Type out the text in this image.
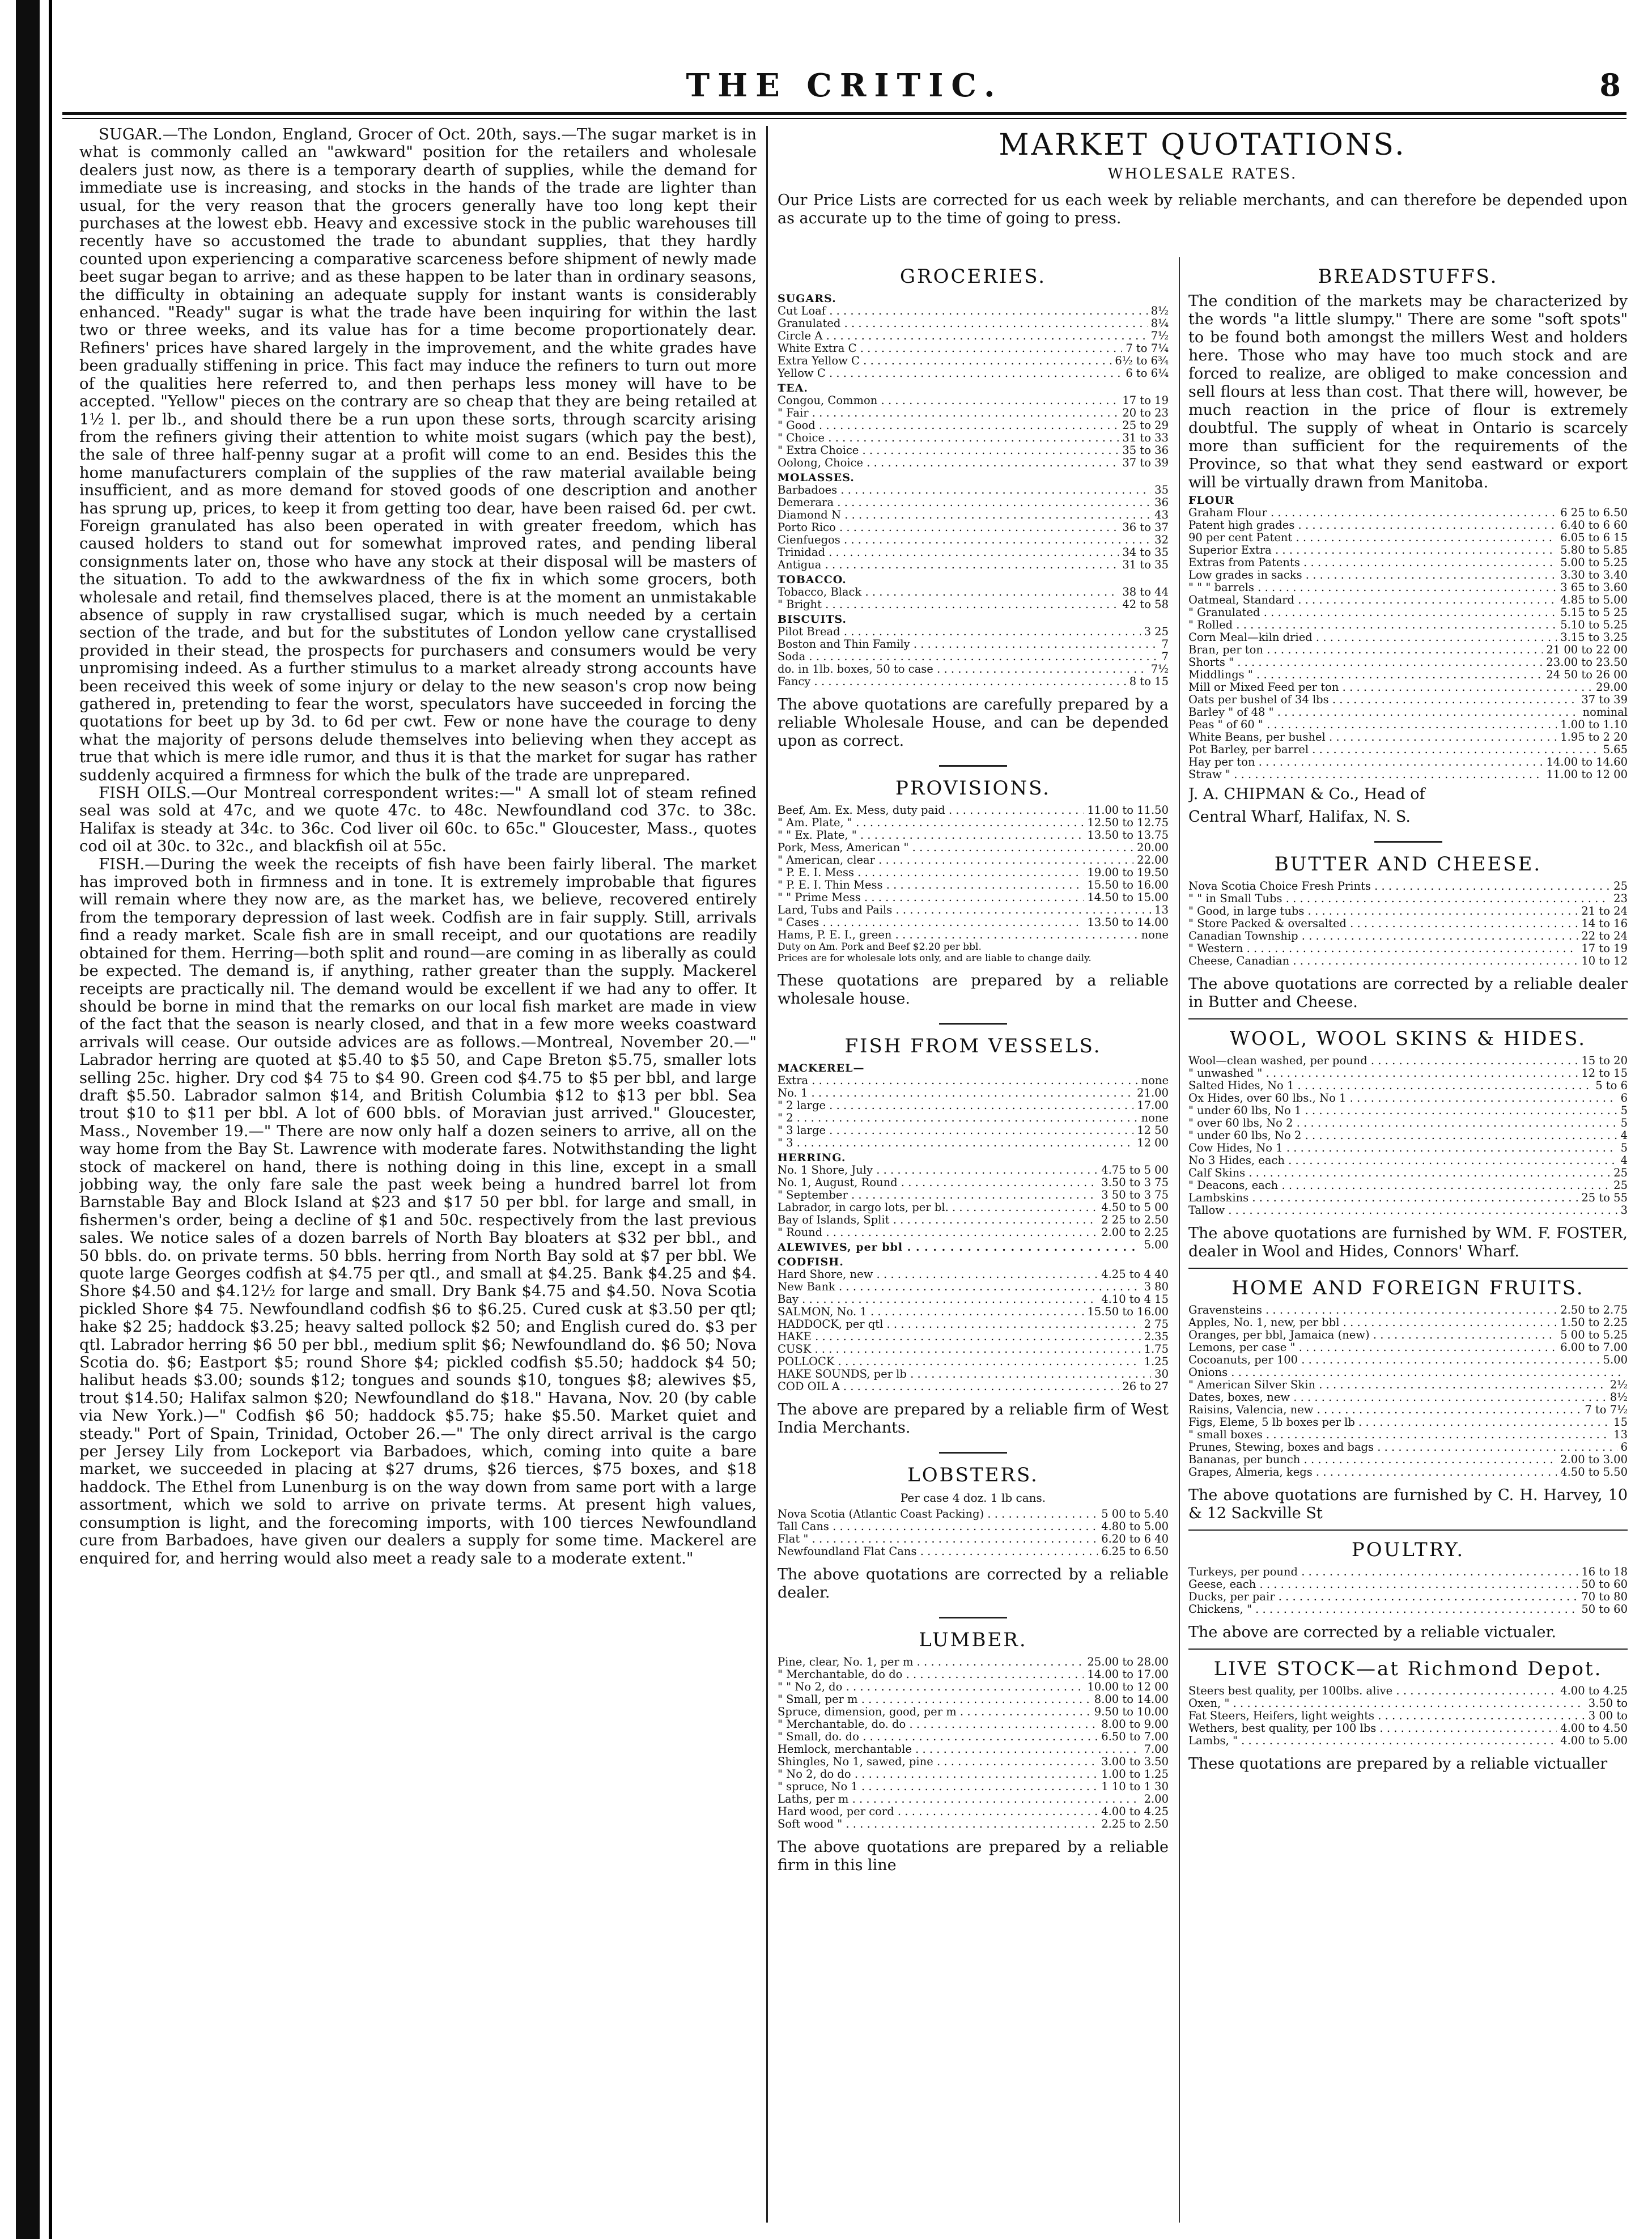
THE CRITIC.	8

SUGAR.—The London, England, Grocer of Oct. 20th, says.—The sugar market is in what is commonly called an "awkward" position for the retailers and wholesale dealers just now, as there is a temporary dearth of supplies, while the demand for immediate use is increasing, and stocks in the hands of the trade are lighter than usual, for the very reason that the grocers generally have too long kept their purchases at the lowest ebb. Heavy and excessive stock in the public warehouses till recently have so accustomed the trade to abundant supplies, that they hardly counted upon experiencing a comparative scarceness before shipment of newly made beet sugar began to arrive; and as these happen to be later than in ordinary seasons, the difficulty in obtaining an adequate supply for instant wants is considerably enhanced. "Ready" sugar is what the trade have been inquiring for within the last two or three weeks, and its value has for a time become proportionately dear. Refiners' prices have shared largely in the improvement, and the white grades have been gradually stiffening in price. This fact may induce the refiners to turn out more of the qualities here referred to, and then perhaps less money will have to be accepted. "Yellow" pieces on the contrary are so cheap that they are being retailed at 1½ l. per lb., and should there be a run upon these sorts, through scarcity arising from the refiners giving their attention to white moist sugars (which pay the best), the sale of three half-penny sugar at a profit will come to an end. Besides this the home manufacturers complain of the supplies of the raw material available being insufficient, and as more demand for stoved goods of one description and another has sprung up, prices, to keep it from getting too dear, have been raised 6d. per cwt. Foreign granulated has also been operated in with greater freedom, which has caused holders to stand out for somewhat improved rates, and pending liberal consignments later on, those who have any stock at their disposal will be masters of the situation. To add to the awkwardness of the fix in which some grocers, both wholesale and retail, find themselves placed, there is at the moment an unmistakable absence of supply in raw crystallised sugar, which is much needed by a certain section of the trade, and but for the substitutes of London yellow cane crystallised provided in their stead, the prospects for purchasers and consumers would be very unpromising indeed. As a further stimulus to a market already strong accounts have been received this week of some injury or delay to the new season's crop now being gathered in, pretending to fear the worst, speculators have succeeded in forcing the quotations for beet up by 3d. to 6d per cwt. Few or none have the courage to deny what the majority of persons delude themselves into believing when they accept as true that which is mere idle rumor, and thus it is that the market for sugar has rather suddenly acquired a firmness for which the bulk of the trade are unprepared.

FISH OILS.—Our Montreal correspondent writes:—" A small lot of steam refined seal was sold at 47c, and we quote 47c. to 48c. Newfoundland cod 37c. to 38c. Halifax is steady at 34c. to 36c. Cod liver oil 60c. to 65c." Gloucester, Mass., quotes cod oil at 30c. to 32c., and blackfish oil at 55c.

FISH.—During the week the receipts of fish have been fairly liberal. The market has improved both in firmness and in tone. It is extremely improbable that figures will remain where they now are, as the market has, we believe, recovered entirely from the temporary depression of last week. Codfish are in fair supply. Still, arrivals find a ready market. Scale fish are in small receipt, and our quotations are readily obtained for them. Herring—both split and round—are coming in as liberally as could be expected. The demand is, if anything, rather greater than the supply. Mackerel receipts are practically nil. The demand would be excellent if we had any to offer. It should be borne in mind that the remarks on our local fish market are made in view of the fact that the season is nearly closed, and that in a few more weeks coastward arrivals will cease. Our outside advices are as follows.—Montreal, November 20.—" Labrador herring are quoted at $5.40 to $5 50, and Cape Breton $5.75, smaller lots selling 25c. higher. Dry cod $4 75 to $4 90. Green cod $4.75 to $5 per bbl, and large draft $5.50. Labrador salmon $14, and British Columbia $12 to $13 per bbl. Sea trout $10 to $11 per bbl. A lot of 600 bbls. of Moravian just arrived." Gloucester, Mass., November 19.—" There are now only half a dozen seiners to arrive, all on the way home from the Bay St. Lawrence with moderate fares. Notwithstanding the light stock of mackerel on hand, there is nothing doing in this line, except in a small jobbing way, the only fare sale the past week being a hundred barrel lot from Barnstable Bay and Block Island at $23 and $17 50 per bbl. for large and small, in fishermen's order, being a decline of $1 and 50c. respectively from the last previous sales. We notice sales of a dozen barrels of North Bay bloaters at $32 per bbl., and 50 bbls. do. on private terms. 50 bbls. herring from North Bay sold at $7 per bbl. We quote large Georges codfish at $4.75 per qtl., and small at $4.25. Bank $4.25 and $4. Shore $4.50 and $4.12½ for large and small. Dry Bank $4.75 and $4.50. Nova Scotia pickled Shore $4 75. Newfoundland codfish $6 to $6.25. Cured cusk at $3.50 per qtl; hake $2 25; haddock $3.25; heavy salted pollock $2 50; and English cured do. $3 per qtl. Labrador herring $6 50 per bbl., medium split $6; Newfoundland do. $6 50; Nova Scotia do. $6; Eastport $5; round Shore $4; pickled codfish $5.50; haddock $4 50; halibut heads $3.00; sounds $12; tongues and sounds $10, tongues $8; alewives $5, trout $14.50; Halifax salmon $20; Newfoundland do $18." Havana, Nov. 20 (by cable via New York.)—" Codfish $6 50; haddock $5.75; hake $5.50. Market quiet and steady." Port of Spain, Trinidad, October 26.—" The only direct arrival is the cargo per Jersey Lily from Lockeport via Barbadoes, which, coming into quite a bare market, we succeeded in placing at $27 drums, $26 tierces, $75 boxes, and $18 haddock. The Ethel from Lunenburg is on the way down from same port with a large assortment, which we sold to arrive on private terms. At present high values, consumption is light, and the forecoming imports, with 100 tierces Newfoundland cure from Barbadoes, have given our dealers a supply for some time. Mackerel are enquired for, and herring would also meet a ready sale to a moderate extent."

MARKET QUOTATIONS.
WHOLESALE RATES.
Our Price Lists are corrected for us each week by reliable merchants, and can therefore be depended upon as accurate up to the time of going to press.
GROCERIES.
SUGARS.
Cut Loaf . . .	8½
Granulated . . .	8¼
Circle A . . .	7½
White Extra C . . .	7 to 7¼
Extra Yellow C . . .	6½ to 6¾
Yellow C . . .	6 to 6¼
TEA.
Congou, Common . . .	17 to 19
" Fair . . .	20 to 23
" Good . . .	25 to 29
" Choice . . .	31 to 33
" Extra Choice . . .	35 to 36
Oolong, Choice . . .	37 to 39
MOLASSES.
Barbadoes . . .	35
Demerara . . .	36
Diamond N . . .	43
Porto Rico . . .	36 to 37
Cienfuegos . . .	32
Trinidad . . .	34 to 35
Antigua . . .	31 to 35
TOBACCO.
Tobacco, Black . . .	38 to 44
" Bright . . .	42 to 58
BISCUITS.
Pilot Bread . . .	3 25
Boston and Thin Family . . .	7
Soda . . .	7
do. in 1lb. boxes, 50 to case . . .	7½
Fancy . . .	8 to 15
The above quotations are carefully prepared by a reliable Wholesale House, and can be depended upon as correct.
PROVISIONS.
Beef, Am. Ex. Mess, duty paid . . .	11.00 to 11.50
" Am. Plate, " . . .	12.50 to 12.75
" " Ex. Plate, " . . .	13.50 to 13.75
Pork, Mess, American " . . .	20.00
" American, clear . . .	22.00
" P. E. I. Mess . . .	19.00 to 19.50
" P. E. I. Thin Mess . . .	15.50 to 16.00
" " Prime Mess . . .	14.50 to 15.00
Lard, Tubs and Pails . . .	13
" Cases . . .	13.50 to 14.00
Hams, P. E. I., green . . .	none
Duty on Am. Pork and Beef $2.20 per bbl.
Prices are for wholesale lots only, and are liable to change daily.
These quotations are prepared by a reliable wholesale house.
FISH FROM VESSELS.
MACKEREL—
Extra . . .	none
No. 1 . . .	21.00
" 2 large . . .	17.00
" 2 . . .	none
" 3 large . . .	12 50
" 3 . . .	12 00
HERRING.
No. 1 Shore, July . . .	4.75 to 5 00
No. 1, August, Round . . .	3.50 to 3 75
" September . . .	3 50 to 3 75
Labrador, in cargo lots, per bl. . . .	4.50 to 5 00
Bay of Islands, Split . . .	2 25 to 2.50
" Round . . .	2.00 to 2.25
ALEWIVES, per bbl . . .	5.00
CODFISH.
Hard Shore, new . . .	4.25 to 4 40
New Bank . . .	3 80
Bay . . .	4.10 to 4 15
SALMON, No. 1 . . .	15.50 to 16.00
HADDOCK, per qtl . . .	2 75
HAKE . . .	2.35
CUSK . . .	1.75
POLLOCK . . .	1.25
HAKE SOUNDS, per lb . . .	30
COD OIL A . . .	26 to 27
The above are prepared by a reliable firm of West India Merchants.
LOBSTERS.
Per case 4 doz. 1 lb cans.
Nova Scotia (Atlantic Coast Packing) . . .	5 00 to 5.40
Tall Cans . . .	4.80 to 5.00
Flat " . . .	6.20 to 6 40
Newfoundland Flat Cans . . .	6.25 to 6.50
The above quotations are corrected by a reliable dealer.
LUMBER.
Pine, clear, No. 1, per m . . .	25.00 to 28.00
" Merchantable, do do . . .	14.00 to 17.00
" " No 2, do . . .	10.00 to 12 00
" Small, per m . . .	8.00 to 14.00
Spruce, dimension, good, per m . . .	9.50 to 10.00
" Merchantable, do. do . . .	8.00 to 9.00
" Small, do. do . . .	6.50 to 7.00
Hemlock, merchantable . . .	7.00
Shingles, No 1, sawed, pine . . .	3.00 to 3.50
" No 2, do do . . .	1.00 to 1.25
" spruce, No 1 . . .	1 10 to 1 30
Laths, per m . . .	2.00
Hard wood, per cord . . .	4.00 to 4.25
Soft wood " . . .	2.25 to 2.50
The above quotations are prepared by a reliable firm in this line
BREADSTUFFS.
The condition of the markets may be characterized by the words "a little slumpy." There are some "soft spots" to be found both amongst the millers West and holders here. Those who may have too much stock and are forced to realize, are obliged to make concession and sell flours at less than cost. That there will, however, be much reaction in the price of flour is extremely doubtful. The supply of wheat in Ontario is scarcely more than sufficient for the requirements of the Province, so that what they send eastward or export will be virtually drawn from Manitoba.
FLOUR
Graham Flour . . .	6 25 to 6.50
Patent high grades . . .	6.40 to 6 60
90 per cent Patent . . .	6.05 to 6 15
Superior Extra . . .	5.80 to 5.85
Extras from Patents . . .	5.00 to 5.25
Low grades in sacks . . .	3.30 to 3.40
" " " barrels . . .	3 65 to 3.60
Oatmeal, Standard . . .	4.85 to 5.00
" Granulated . . .	5.15 to 5 25
" Rolled . . .	5.10 to 5.25
Corn Meal—kiln dried . . .	3.15 to 3.25
Bran, per ton . . .	21 00 to 22 00
Shorts " . . .	23.00 to 23.50
Middlings " . . .	24 50 to 26 00
Mill or Mixed Feed per ton . . .	29.00
Oats per bushel of 34 lbs . . .	37 to 39
Barley " of 48 " . . .	nominal
Peas " of 60 " . . .	1.00 to 1.10
White Beans, per bushel . . .	1.95 to 2 20
Pot Barley, per barrel . . .	5.65
Hay per ton . . .	14.00 to 14.60
Straw " . . .	11.00 to 12 00
J. A. CHIPMAN & Co., Head of
Central Wharf, Halifax, N. S.
BUTTER AND CHEESE.
Nova Scotia Choice Fresh Prints . . .	25
" " in Small Tubs . . .	23
" Good, in large tubs . . .	21 to 24
" Store Packed & oversalted . . .	14 to 16
Canadian Township . . .	22 to 24
" Western . . .	17 to 19
Cheese, Canadian . . .	10 to 12
The above quotations are corrected by a reliable dealer in Butter and Cheese.
WOOL, WOOL SKINS & HIDES.
Wool—clean washed, per pound . . .	15 to 20
" unwashed " . . .	12 to 15
Salted Hides, No 1 . . .	5 to 6
Ox Hides, over 60 lbs., No 1 . . .	6
" under 60 lbs, No 1 . . .	5
" over 60 lbs, No 2 . . .	5
" under 60 lbs, No 2 . . .	4
Cow Hides, No 1 . . .	5
No 3 Hides, each . . .	4
Calf Skins . . .	25
" Deacons, each . . .	25
Lambskins . . .	25 to 55
Tallow . . .	3
The above quotations are furnished by WM. F. FOSTER, dealer in Wool and Hides, Connors' Wharf.
HOME AND FOREIGN FRUITS.
Gravensteins . . .	2.50 to 2.75
Apples, No. 1, new, per bbl . . .	1.50 to 2.25
Oranges, per bbl, Jamaica (new) . . .	5 00 to 5.25
Lemons, per case " . . .	6.00 to 7.00
Cocoanuts, per 100 . . .	5.00
Onions . . .
" American Silver Skin . . .	2½
Dates, boxes, new . . .	8½
Raisins, Valencia, new . . .	7 to 7½
Figs, Eleme, 5 lb boxes per lb . . .	15
" small boxes . . .	13
Prunes, Stewing, boxes and bags . . .	6
Bananas, per bunch . . .	2.00 to 3.00
Grapes, Almeria, kegs . . .	4.50 to 5.50
The above quotations are furnished by C. H. Harvey, 10 & 12 Sackville St
POULTRY.
Turkeys, per pound . . .	16 to 18
Geese, each . . .	50 to 60
Ducks, per pair . . .	70 to 80
Chickens, " . . .	50 to 60
The above are corrected by a reliable victualer.
LIVE STOCK—at Richmond Depot.
Steers best quality, per 100lbs. alive . . .	4.00 to 4.25
Oxen, " . . .	3.50 to
Fat Steers, Heifers, light weights . . .	3 00 to
Wethers, best quality, per 100 lbs . . .	4.00 to 4.50
Lambs, " . . .	4.00 to 5.00
These quotations are prepared by a reliable victualler
